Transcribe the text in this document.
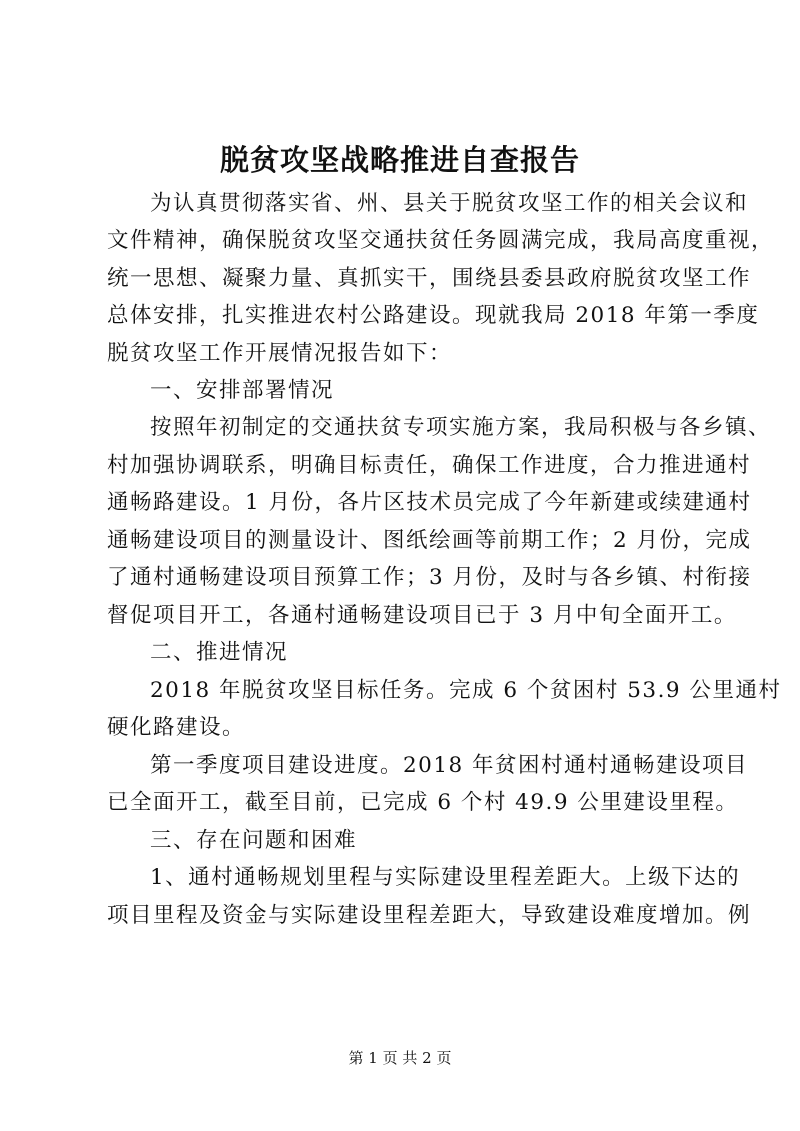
脱贫攻坚战略推进自查报告
为认真贯彻落实省、州、县关于脱贫攻坚工作的相关会议和
文件精神，确保脱贫攻坚交通扶贫任务圆满完成，我局高度重视，
统一思想、凝聚力量、真抓实干，围绕县委县政府脱贫攻坚工作
总体安排，扎实推进农村公路建设。现就我局 2018 年第一季度
脱贫攻坚工作开展情况报告如下：
一、安排部署情况
按照年初制定的交通扶贫专项实施方案，我局积极与各乡镇、
村加强协调联系，明确目标责任，确保工作进度，合力推进通村
通畅路建设。1 月份，各片区技术员完成了今年新建或续建通村
通畅建设项目的测量设计、图纸绘画等前期工作；2 月份，完成
了通村通畅建设项目预算工作；3 月份，及时与各乡镇、村衔接
督促项目开工，各通村通畅建设项目已于 3 月中旬全面开工。
二、推进情况
2018 年脱贫攻坚目标任务。完成 6 个贫困村 53.9 公里通村
硬化路建设。
第一季度项目建设进度。2018 年贫困村通村通畅建设项目
已全面开工，截至目前，已完成 6 个村 49.9 公里建设里程。
三、存在问题和困难
1、通村通畅规划里程与实际建设里程差距大。上级下达的
项目里程及资金与实际建设里程差距大，导致建设难度增加。例
第 1 页 共 2 页
